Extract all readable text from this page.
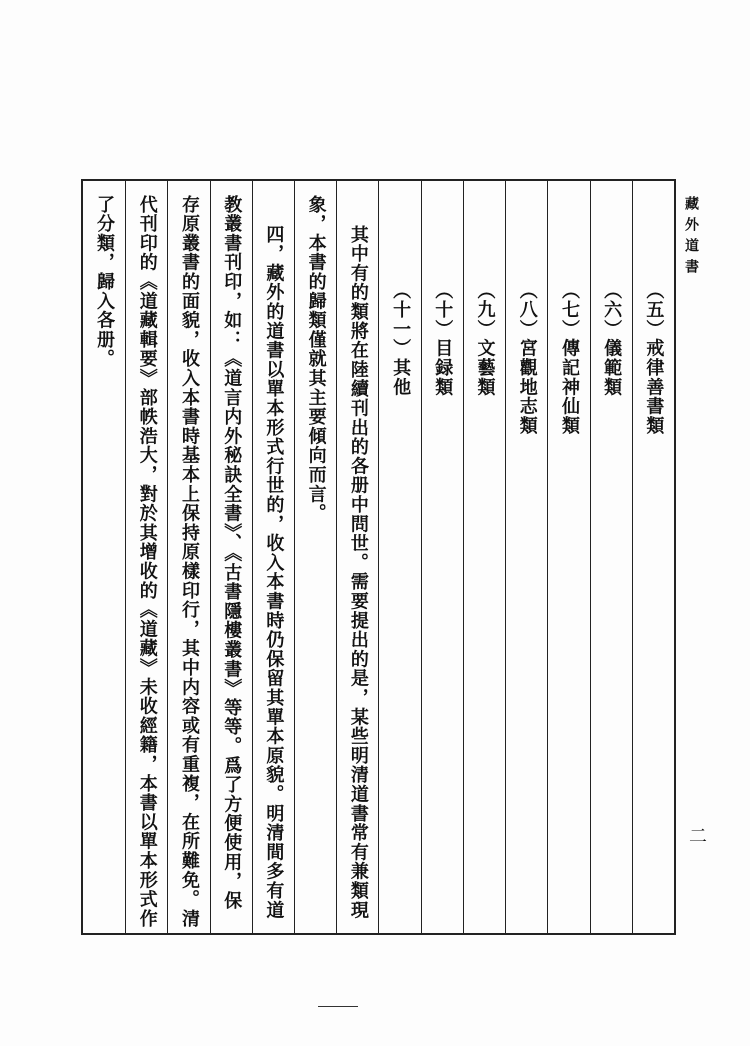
藏外道書
二
（五）戒律善書類
（六）儀範類
（七）傳記神仙類
（八）宮觀地志類
（九）文藝類
（十）目録類
（十一）其他
其中有的類將在陸續刊出的各册中問世。需要提出的是，某些明清道書常有兼類現
象，本書的歸類僅就其主要傾向而言。
四，藏外的道書以單本形式行世的，收入本書時仍保留其單本原貌。明清間多有道
教叢書刊印，如：《道言内外秘訣全書》、《古書隱樓叢書》等等。爲了方便使用，保
存原叢書的面貌，收入本書時基本上保持原樣印行，其中内容或有重複，在所難免。清
代刊印的《道藏輯要》部帙浩大，對於其增收的《道藏》未收經籍，本書以單本形式作
了分類，歸入各册。
